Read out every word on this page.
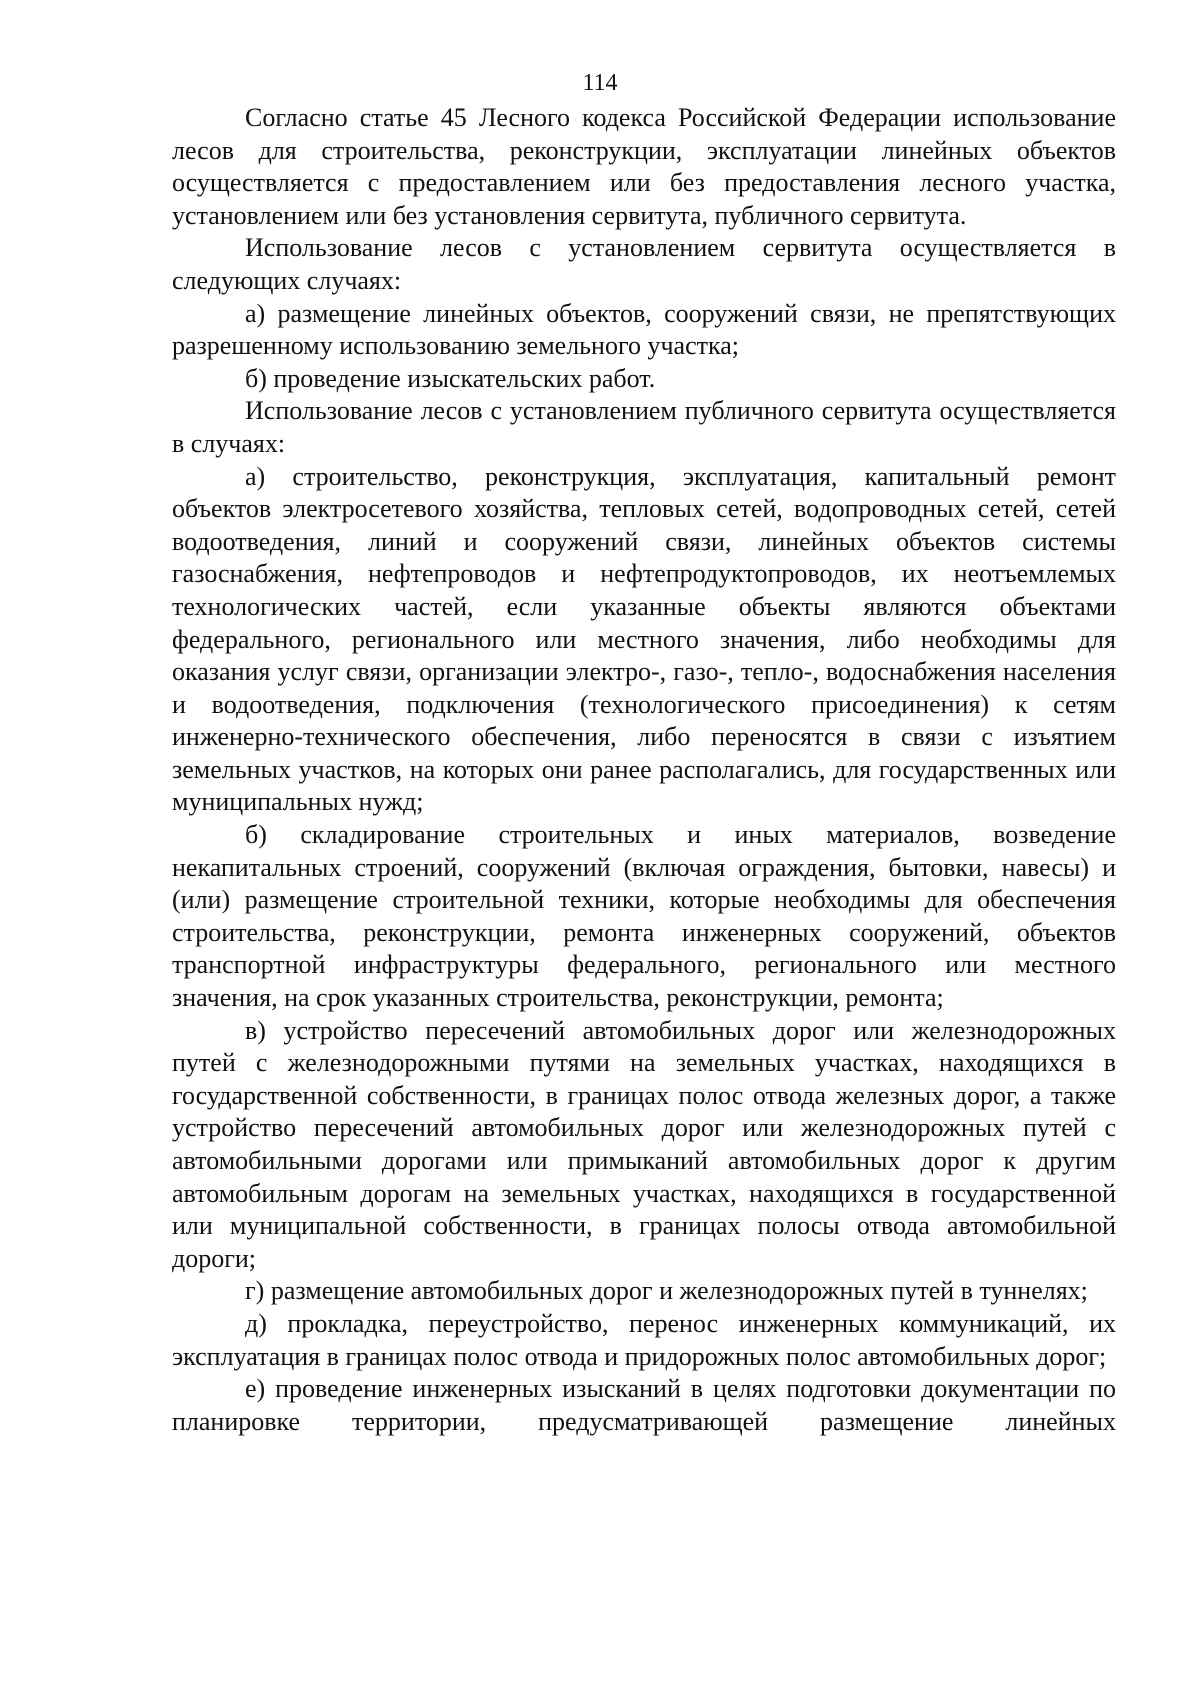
114

Согласно статье 45 Лесного кодекса Российской Федерации использование лесов для строительства, реконструкции, эксплуатации линейных объектов осуществляется с предоставлением или без предоставления лесного участка, установлением или без установления сервитута, публичного сервитута.

Использование лесов с установлением сервитута осуществляется в следующих случаях:

а) размещение линейных объектов, сооружений связи, не препятствующих разрешенному использованию земельного участка;

б) проведение изыскательских работ.

Использование лесов с установлением публичного сервитута осуществляется в случаях:

а) строительство, реконструкция, эксплуатация, капитальный ремонт объектов электросетевого хозяйства, тепловых сетей, водопроводных сетей, сетей водоотведения, линий и сооружений связи, линейных объектов системы газоснабжения, нефтепроводов и нефтепродуктопроводов, их неотъемлемых технологических частей, если указанные объекты являются объектами федерального, регионального или местного значения, либо необходимы для оказания услуг связи, организации электро-, газо-, тепло-, водоснабжения населения и водоотведения, подключения (технологического присоединения) к сетям инженерно-технического обеспечения, либо переносятся в связи с изъятием земельных участков, на которых они ранее располагались, для государственных или муниципальных нужд;

б) складирование строительных и иных материалов, возведение некапитальных строений, сооружений (включая ограждения, бытовки, навесы) и (или) размещение строительной техники, которые необходимы для обеспечения строительства, реконструкции, ремонта инженерных сооружений, объектов транспортной инфраструктуры федерального, регионального или местного значения, на срок указанных строительства, реконструкции, ремонта;

в) устройство пересечений автомобильных дорог или железнодорожных путей с железнодорожными путями на земельных участках, находящихся в государственной собственности, в границах полос отвода железных дорог, а также устройство пересечений автомобильных дорог или железнодорожных путей с автомобильными дорогами или примыканий автомобильных дорог к другим автомобильным дорогам на земельных участках, находящихся в государственной или муниципальной собственности, в границах полосы отвода автомобильной дороги;

г) размещение автомобильных дорог и железнодорожных путей в туннелях;

д) прокладка, переустройство, перенос инженерных коммуникаций, их эксплуатация в границах полос отвода и придорожных полос автомобильных дорог;

е) проведение инженерных изысканий в целях подготовки документации по планировке территории, предусматривающей размещение линейных
